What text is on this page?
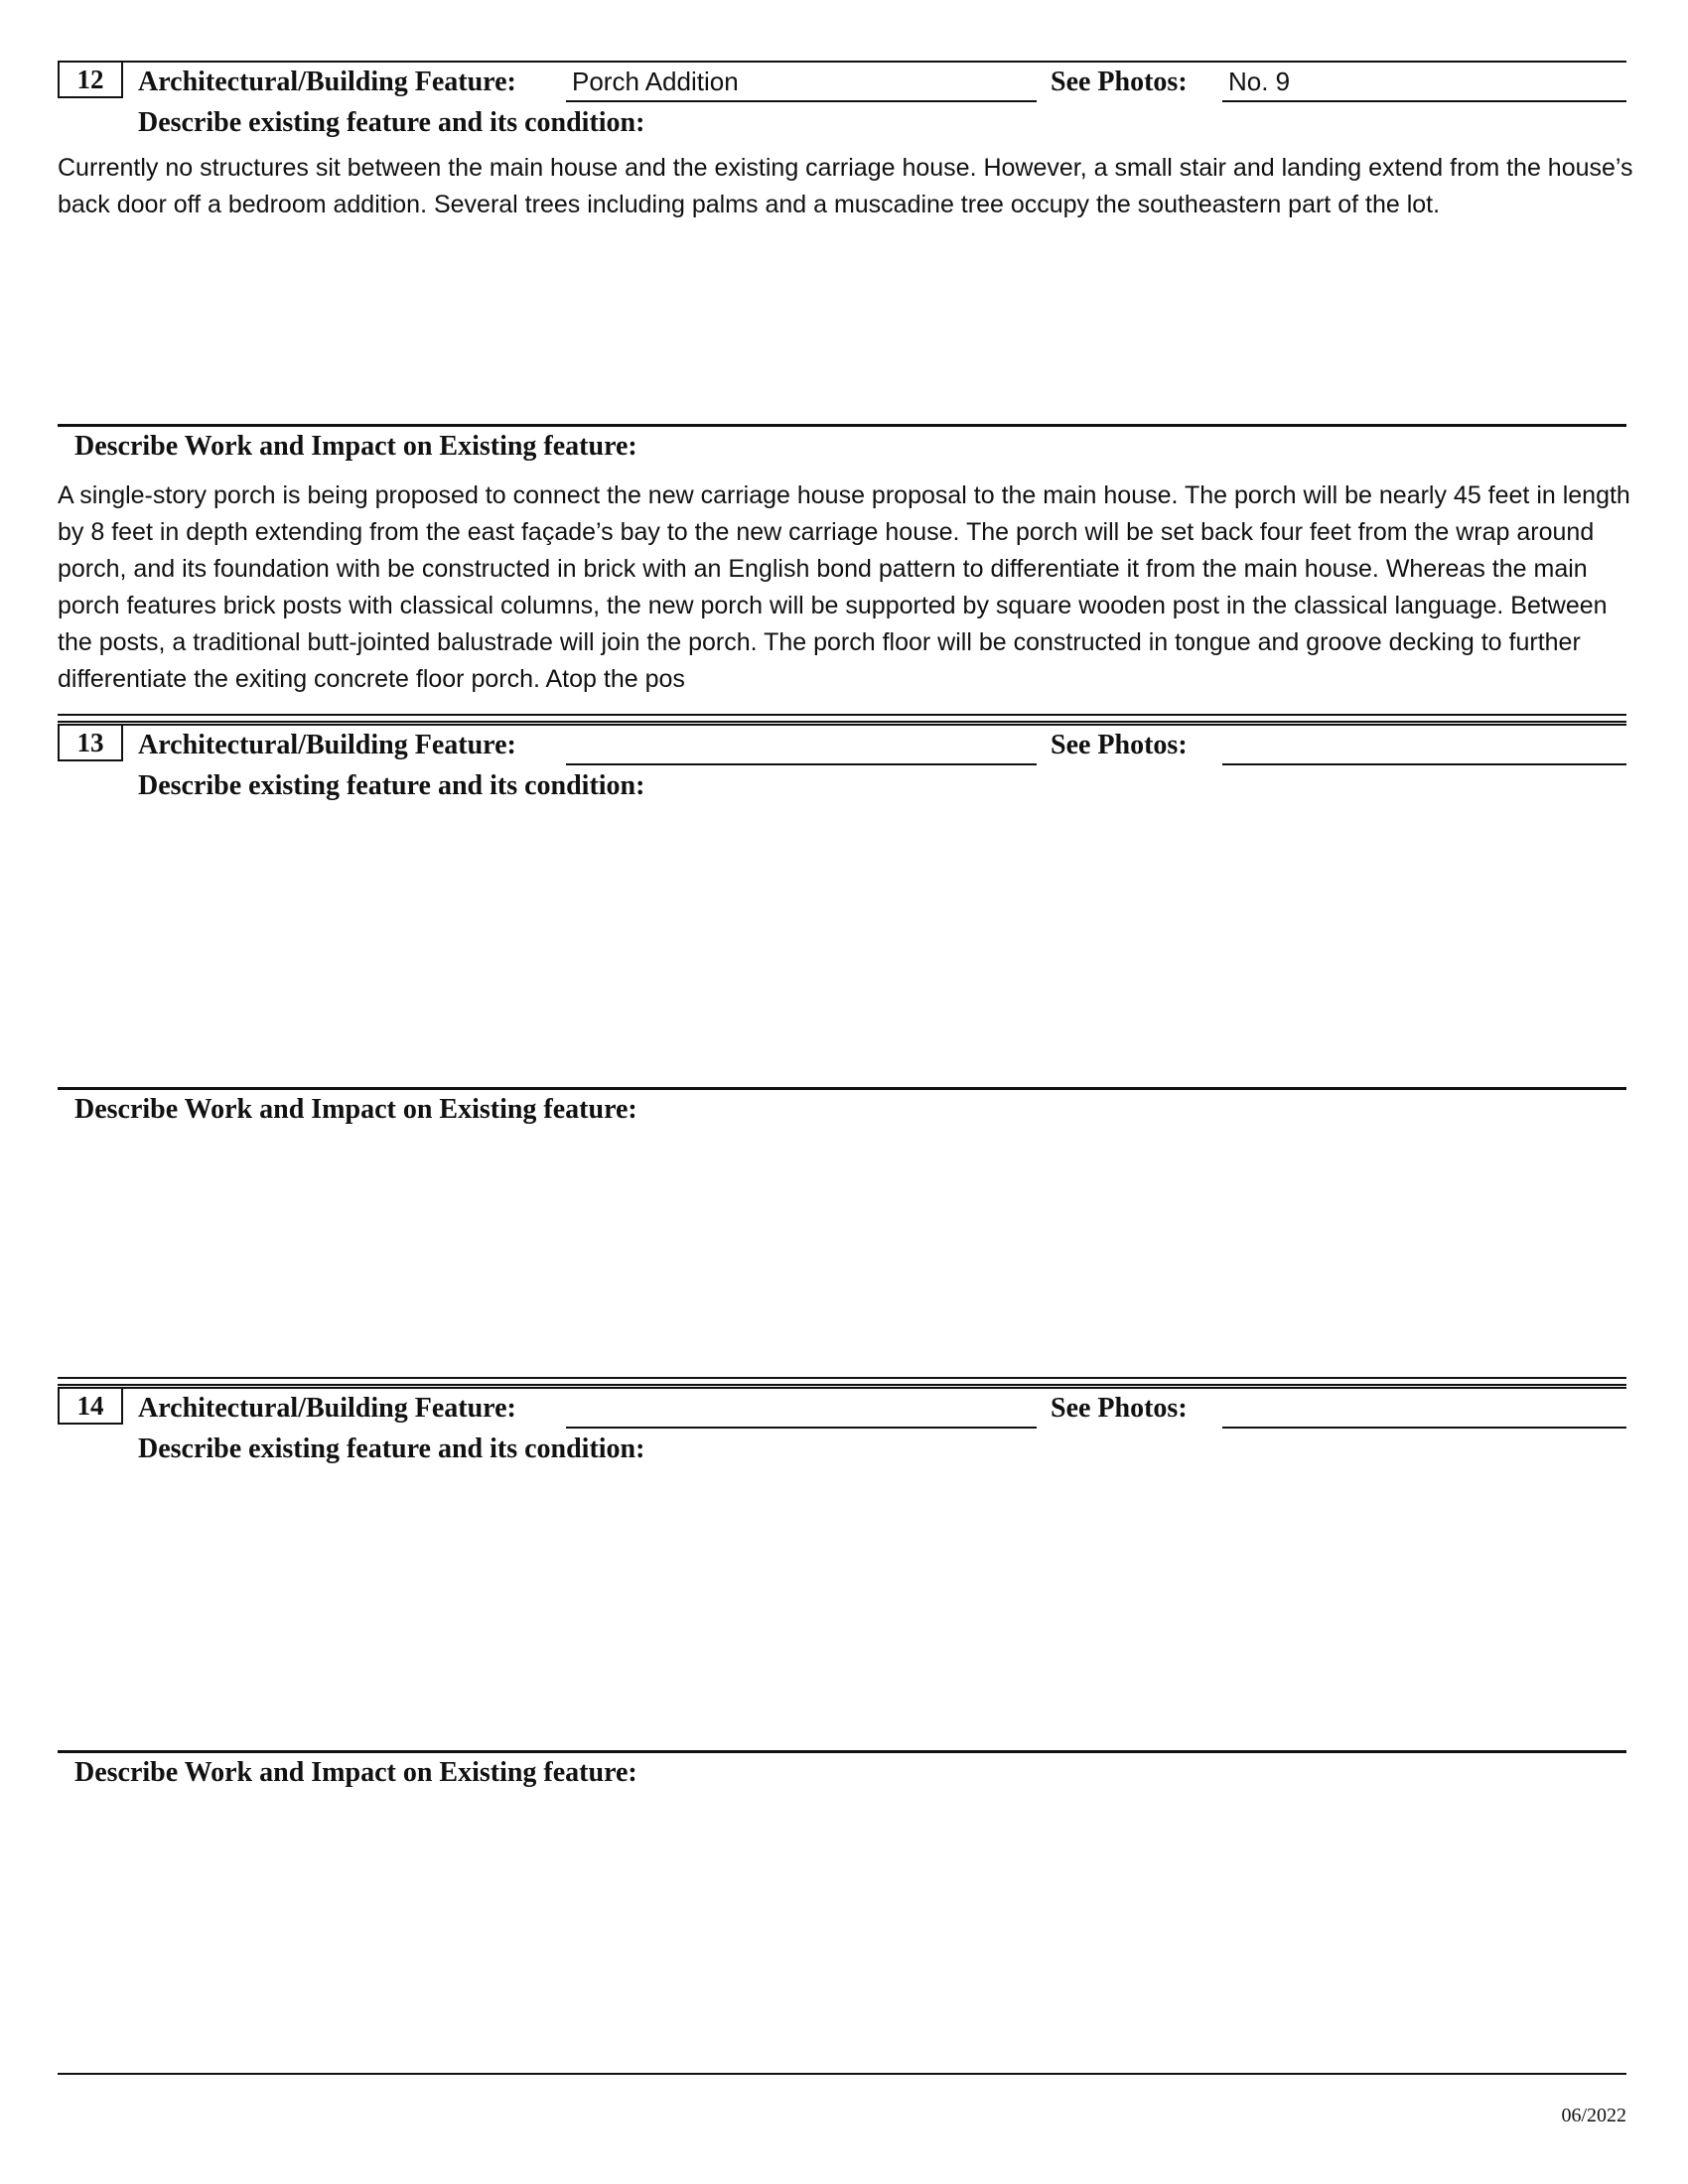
12	Architectural/Building Feature: Porch Addition	See Photos: No. 9
Describe existing feature and its condition:
Currently no structures sit between the main house and the existing carriage house. However, a small stair and landing extend from the house’s back door off a bedroom addition. Several trees including palms and a muscadine tree occupy the southeastern part of the lot.
Describe Work and Impact on Existing feature:
A single-story porch is being proposed to connect the new carriage house proposal to the main house. The porch will be nearly 45 feet in length by 8 feet in depth extending from the east façade’s bay to the new carriage house. The porch will be set back four feet from the wrap around porch, and its foundation with be constructed in brick with an English bond pattern to differentiate it from the main house. Whereas the main porch features brick posts with classical columns, the new porch will be supported by square wooden post in the classical language. Between the posts, a traditional butt-jointed balustrade will join the porch. The porch floor will be constructed in tongue and groove decking to further differentiate the exiting concrete floor porch. Atop the pos
13	Architectural/Building Feature:	See Photos:
Describe existing feature and its condition:
Describe Work and Impact on Existing feature:
14	Architectural/Building Feature:	See Photos:
Describe existing feature and its condition:
Describe Work and Impact on Existing feature:
06/2022
